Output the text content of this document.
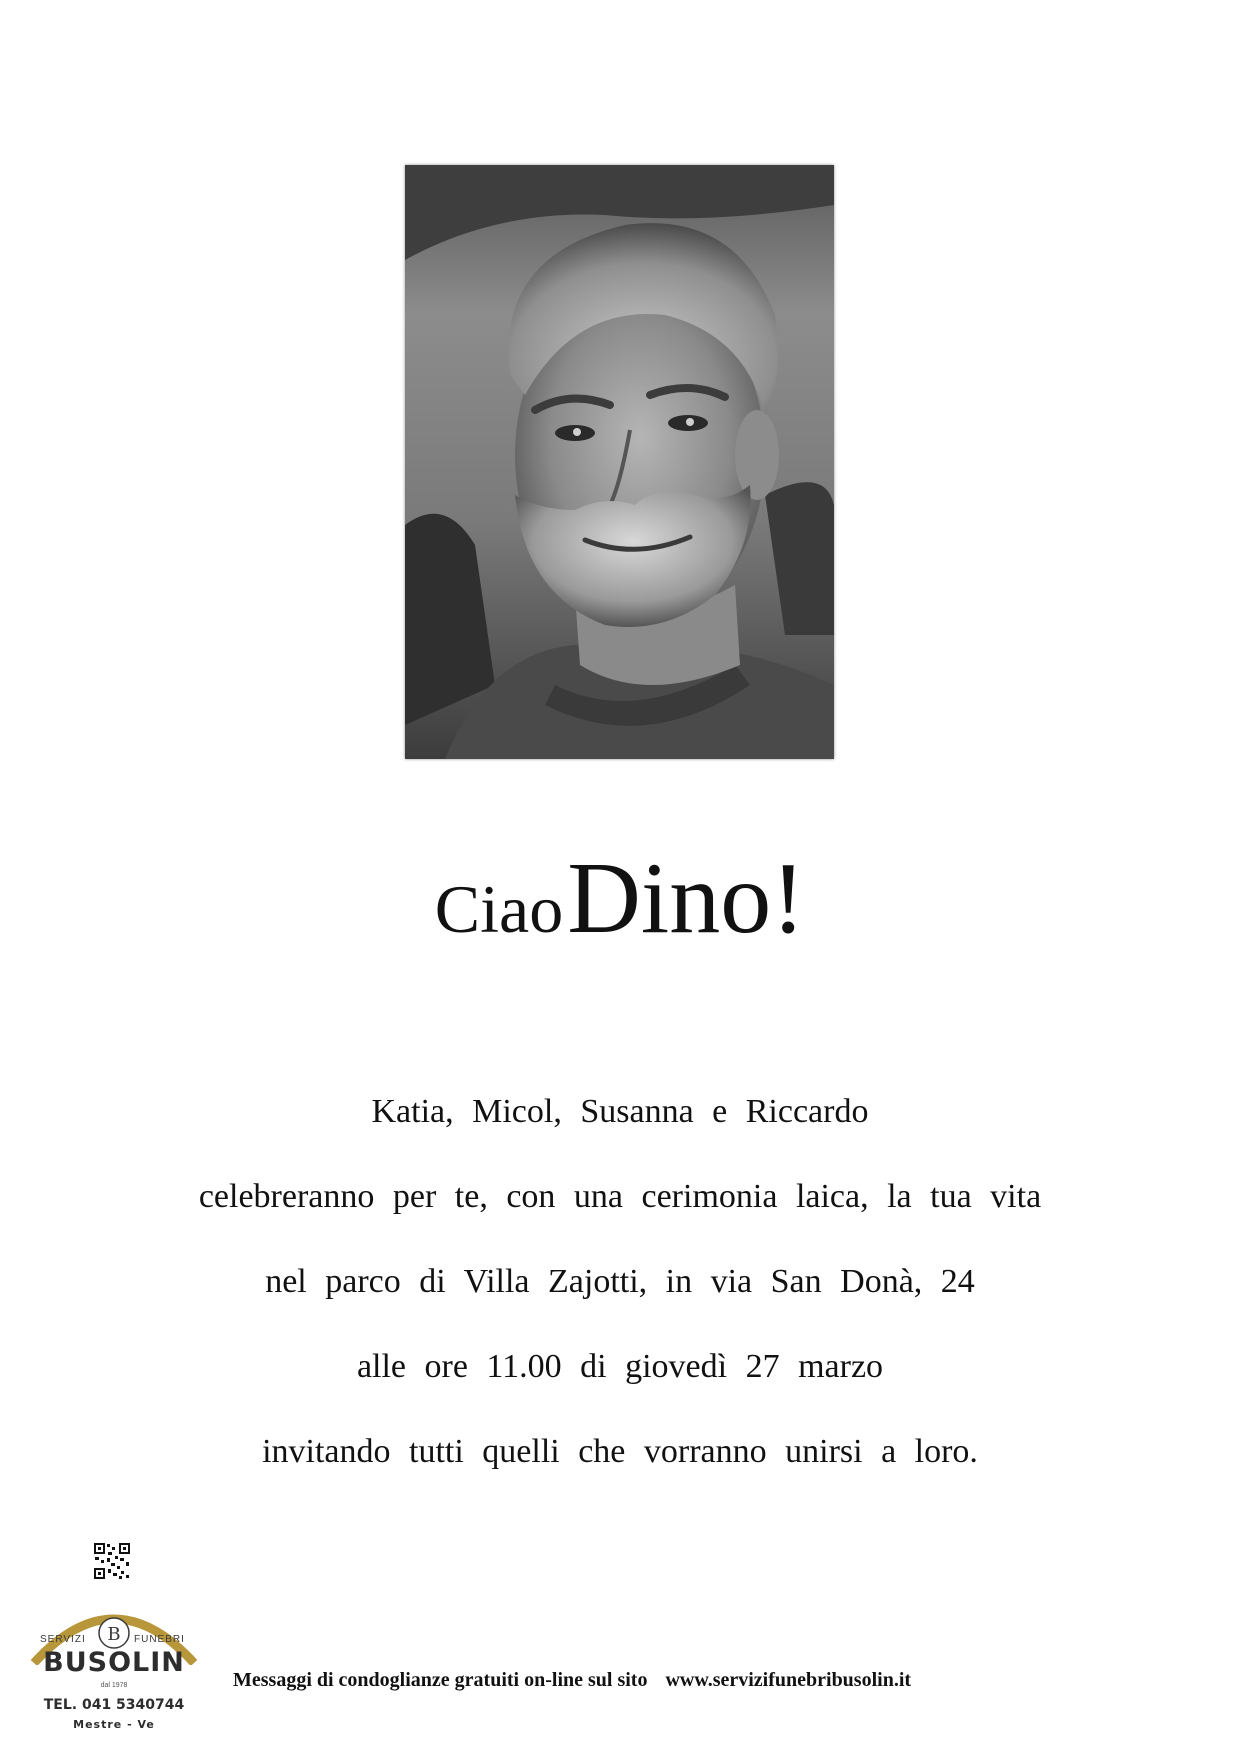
Ciao Dino!
Katia, Micol, Susanna e Riccardo
celebreranno per te, con una cerimonia laica, la tua vita
nel parco di Villa Zajotti, in via San Donà, 24
alle ore 11.00 di giovedì 27 marzo
invitando tutti quelli che vorranno unirsi a loro.
B
SERVIZI	FUNEBRI
BUSOLIN
dal 1978
TEL. 041 5340744
Mestre - Ve
Messaggi di condoglianze gratuiti on-line sul sito www.servizifunebribusolin.it
